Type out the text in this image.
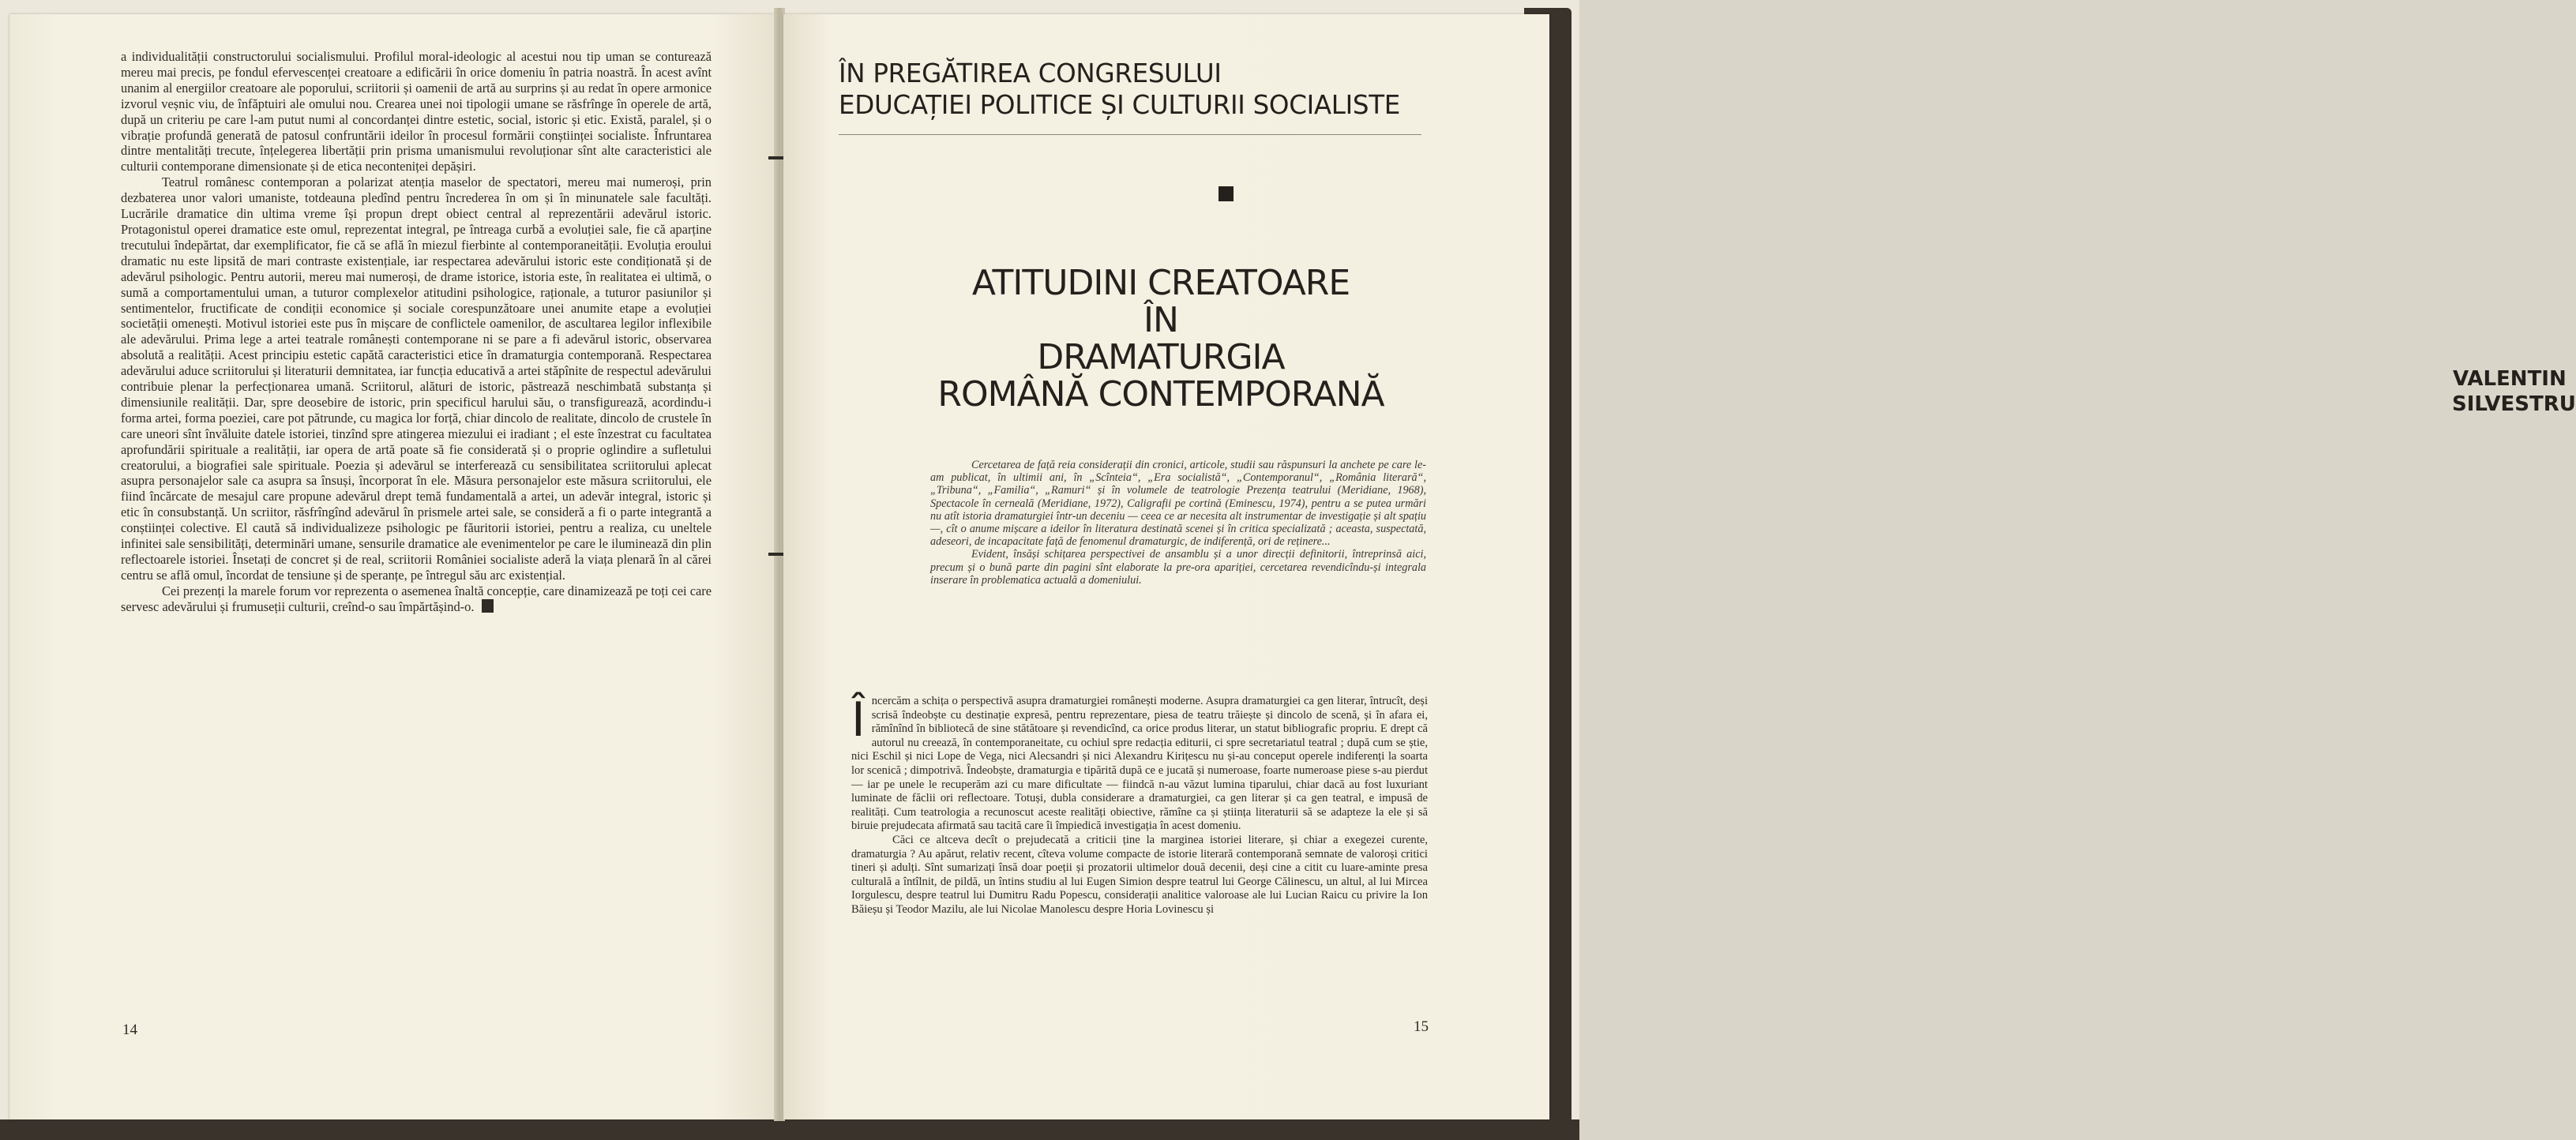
a individualității constructorului socialismului. Profilul moral-ideologic al acestui nou tip uman se conturează mereu mai precis, pe fondul efervescenței creatoare a edificării în orice domeniu în patria noastră. În acest avînt unanim al energiilor creatoare ale poporului, scriitorii și oamenii de artă au surprins și au redat în opere armonice izvorul veșnic viu, de înfăptuiri ale omului nou. Crearea unei noi tipologii umane se răsfrînge în operele de artă, după un criteriu pe care l-am putut numi al concordanței dintre estetic, social, istoric și etic. Există, paralel, și o vibrație profundă generată de patosul confruntării ideilor în procesul formării conștiinței socialiste. Înfruntarea dintre mentalități trecute, înțelegerea libertății prin prisma umanismului revoluționar sînt alte caracteristici ale culturii contemporane dimensionate și de etica neconteniței depășiri.

Teatrul românesc contemporan a polarizat atenția maselor de spectatori, mereu mai numeroși, prin dezbaterea unor valori umaniste, totdeauna pledînd pentru încrederea în om și în minunatele sale facultăți. Lucrările dramatice din ultima vreme își propun drept obiect central al reprezentării adevărul istoric. Protagonistul operei dramatice este omul, reprezentat integral, pe întreaga curbă a evoluției sale, fie că aparține trecutului îndepărtat, dar exemplificator, fie că se află în miezul fierbinte al contemporaneității. Evoluția eroului dramatic nu este lipsită de mari contraste existențiale, iar respectarea adevărului istoric este condiționată și de adevărul psihologic. Pentru autorii, mereu mai numeroși, de drame istorice, istoria este, în realitatea ei ultimă, o sumă a comportamentului uman, a tuturor complexelor atitudini psihologice, raționale, a tuturor pasiunilor și sentimentelor, fructificate de condiții economice și sociale corespunzătoare unei anumite etape a evoluției societății omenești. Motivul istoriei este pus în mișcare de conflictele oamenilor, de ascultarea legilor inflexibile ale adevărului. Prima lege a artei teatrale românești contemporane ni se pare a fi adevărul istoric, observarea absolută a realității. Acest principiu estetic capătă caracteristici etice în dramaturgia contemporană. Respectarea adevărului aduce scriitorului și literaturii demnitatea, iar funcția educativă a artei stăpînite de respectul adevărului contribuie plenar la perfecționarea umană. Scriitorul, alături de istoric, păstrează neschimbată substanța și dimensiunile realității. Dar, spre deosebire de istoric, prin specificul harului său, o transfigurează, acordindu-i forma artei, forma poeziei, care pot pătrunde, cu magica lor forță, chiar dincolo de realitate, dincolo de crustele în care uneori sînt învăluite datele istoriei, tinzînd spre atingerea miezului ei iradiant ; el este înzestrat cu facultatea aprofundării spirituale a realității, iar opera de artă poate să fie considerată și o proprie oglindire a sufletului creatorului, a biografiei sale spirituale. Poezia și adevărul se interferează cu sensibilitatea scriitorului aplecat asupra personajelor sale ca asupra sa însuși, încorporat în ele. Măsura personajelor este măsura scriitorului, ele fiind încărcate de mesajul care propune adevărul drept temă fundamentală a artei, un adevăr integral, istoric și etic în consubstanță. Un scriitor, răsfrîngînd adevărul în prismele artei sale, se consideră a fi o parte integrantă a conștiinței colective. El caută să individualizeze psihologic pe făuritorii istoriei, pentru a realiza, cu uneltele infinitei sale sensibilități, determinări umane, sensurile dramatice ale evenimentelor pe care le iluminează din plin reflectoarele istoriei. Însetați de concret și de real, scriitorii României socialiste aderă la viața plenară în al cărei centru se află omul, încordat de tensiune și de speranțe, pe întregul său arc existențial.

Cei prezenți la marele forum vor reprezenta o asemenea înaltă concepție, care dinamizează pe toți cei care servesc adevărului și frumuseții culturii, creînd-o sau împărtășind-o.

14
ÎN PREGĂTIREA CONGRESULUI
EDUCAȚIEI POLITICE ȘI CULTURII SOCIALISTE
VALENTIN
SILVESTRU
ATITUDINI CREATOARE
ÎN
DRAMATURGIA
ROMÂNĂ CONTEMPORANĂ

Cercetarea de față reia considerații din cronici, articole, studii sau răspunsuri la anchete pe care le-am publicat, în ultimii ani, în „Scînteia“, „Era socialistă“, „Contemporanul“, „România literară“, „Tribuna“, „Familia“, „Ramuri“ și în volumele de teatrologie Prezența teatrului (Meridiane, 1968), Spectacole în cerneală (Meridiane, 1972), Caligrafii pe cortină (Eminescu, 1974), pentru a se putea urmări nu atît istoria dramaturgiei într-un deceniu — ceea ce ar necesita alt instrumentar de investigație și alt spațiu —, cît o anume mișcare a ideilor în literatura destinată scenei și în critica specializată ; aceasta, suspectată, adeseori, de incapacitate față de fenomenul dramaturgic, de indiferență, ori de reținere...

Evident, însăși schițarea perspectivei de ansamblu și a unor direcții definitorii, întreprinsă aici, precum și o bună parte din pagini sînt elaborate la pre-ora apariției, cercetarea revendicîndu-și integrala inserare în problematica actuală a domeniului.

Încercăm a schița o perspectivă asupra dramaturgiei românești moderne. Asupra dramaturgiei ca gen literar, întrucît, deși scrisă îndeobște cu destinație expresă, pentru reprezentare, piesa de teatru trăiește și dincolo de scenă, și în afara ei, rămînînd în bibliotecă de sine stătătoare și revendicînd, ca orice produs literar, un statut bibliografic propriu. E drept că autorul nu creează, în contemporaneitate, cu ochiul spre redacția editurii, ci spre secretariatul teatral ; după cum se știe, nici Eschil și nici Lope de Vega, nici Alecsandri și nici Alexandru Kirițescu nu și-au conceput operele indiferenți la soarta lor scenică ; dimpotrivă. Îndeobște, dramaturgia e tipărită după ce e jucată și numeroase, foarte numeroase piese s-au pierdut — iar pe unele le recuperăm azi cu mare dificultate — fiindcă n-au văzut lumina tiparului, chiar dacă au fost luxuriant luminate de făclii ori reflectoare. Totuși, dubla considerare a dramaturgiei, ca gen literar și ca gen teatral, e impusă de realități. Cum teatrologia a recunoscut aceste realități obiective, rămîne ca și știința literaturii să se adapteze la ele și să biruie prejudecata afirmată sau tacită care îi împiedică investigația în acest domeniu.

Căci ce altceva decît o prejudecată a criticii ține la marginea istoriei literare, și chiar a exegezei curente, dramaturgia ? Au apărut, relativ recent, cîteva volume compacte de istorie literară contemporană semnate de valoroși critici tineri și adulți. Sînt sumarizați însă doar poeții și prozatorii ultimelor două decenii, deși cine a citit cu luare-aminte presa culturală a întîlnit, de pildă, un întins studiu al lui Eugen Simion despre teatrul lui George Călinescu, un altul, al lui Mircea Iorgulescu, despre teatrul lui Dumitru Radu Popescu, considerații analitice valoroase ale lui Lucian Raicu cu privire la Ion Băieșu și Teodor Mazilu, ale lui Nicolae Manolescu despre Horia Lovinescu și

15
